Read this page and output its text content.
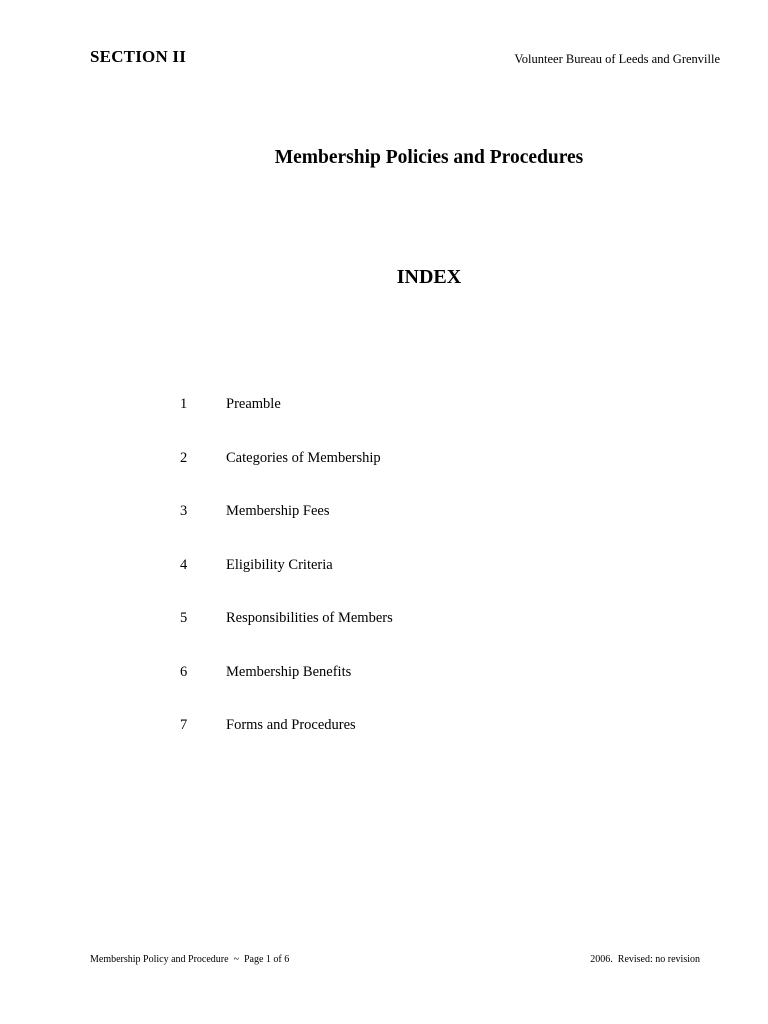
SECTION II	Volunteer Bureau of Leeds and Grenville
Membership Policies and Procedures
INDEX
1	Preamble
2	Categories of Membership
3	Membership Fees
4	Eligibility Criteria
5	Responsibilities of Members
6	Membership Benefits
7	Forms and Procedures
Membership Policy and Procedure  ~  Page 1 of 6	2006.  Revised: no revision
